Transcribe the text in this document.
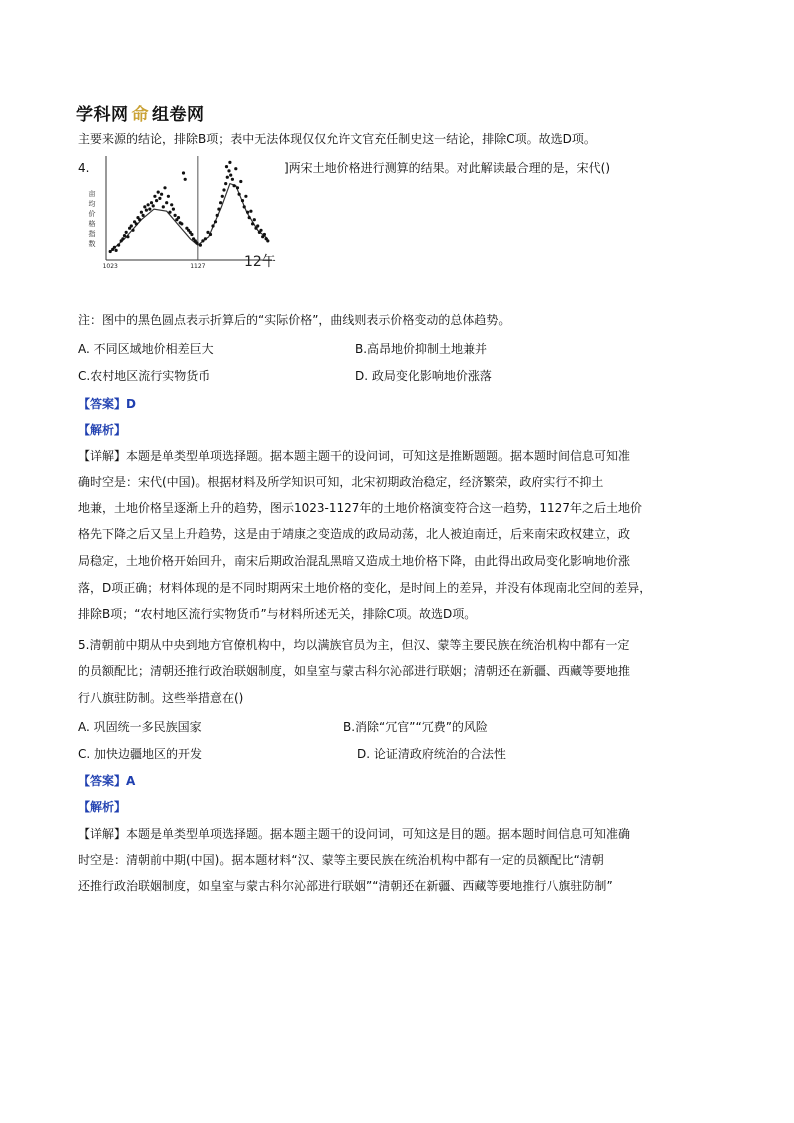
学科网 命 组卷网
主要来源的结论，排除B项；表中无法体现仅仅允许文官充任制史这一结论，排除C项。故选D项。
4.
亩
均
价
格
指
数
1023	1127	12午
]两宋土地价格进行测算的结果。对此解读最合理的是，宋代()
注：图中的黑色圆点表示折算后的“实际价格”，曲线则表示价格变动的总体趋势。
A. 不同区域地价相差巨大	B.高昂地价抑制土地兼并
C.农村地区流行实物货币	D. 政局变化影响地价涨落
【答案】D
【解析】
【详解】本题是单类型单项选择题。据本题主题干的设问词，可知这是推断题题。据本题时间信息可知准
确时空是：宋代(中国)。根据材料及所学知识可知，北宋初期政治稳定，经济繁荣，政府实行不抑土
地兼，土地价格呈逐渐上升的趋势，图示1023-1127年的土地价格演变符合这一趋势，1127年之后土地价
格先下降之后又呈上升趋势，这是由于靖康之变造成的政局动荡，北人被迫南迁，后来南宋政权建立，政
局稳定，土地价格开始回升，南宋后期政治混乱黑暗又造成土地价格下降，由此得出政局变化影响地价涨
落，D项正确；材料体现的是不同时期两宋土地价格的变化，是时间上的差异，并没有体现南北空间的差异，
排除B项；“农村地区流行实物货币”与材料所述无关，排除C项。故选D项。
5.清朝前中期从中央到地方官僚机构中，均以满族官员为主，但汉、蒙等主要民族在统治机构中都有一定
的员额配比；清朝还推行政治联姻制度，如皇室与蒙古科尔沁部进行联姻；清朝还在新疆、西藏等要地推
行八旗驻防制。这些举措意在()
A. 巩固统一多民族国家	B.消除“冗官”“冗费”的风险
C. 加快边疆地区的开发	D. 论证清政府统治的合法性
【答案】A
【解析】
【详解】本题是单类型单项选择题。据本题主题干的设问词，可知这是目的题。据本题时间信息可知准确
时空是：清朝前中期(中国)。据本题材料“汉、蒙等主要民族在统治机构中都有一定的员额配比“清朝
还推行政治联姻制度，如皇室与蒙古科尔沁部进行联姻”“清朝还在新疆、西藏等要地推行八旗驻防制”
